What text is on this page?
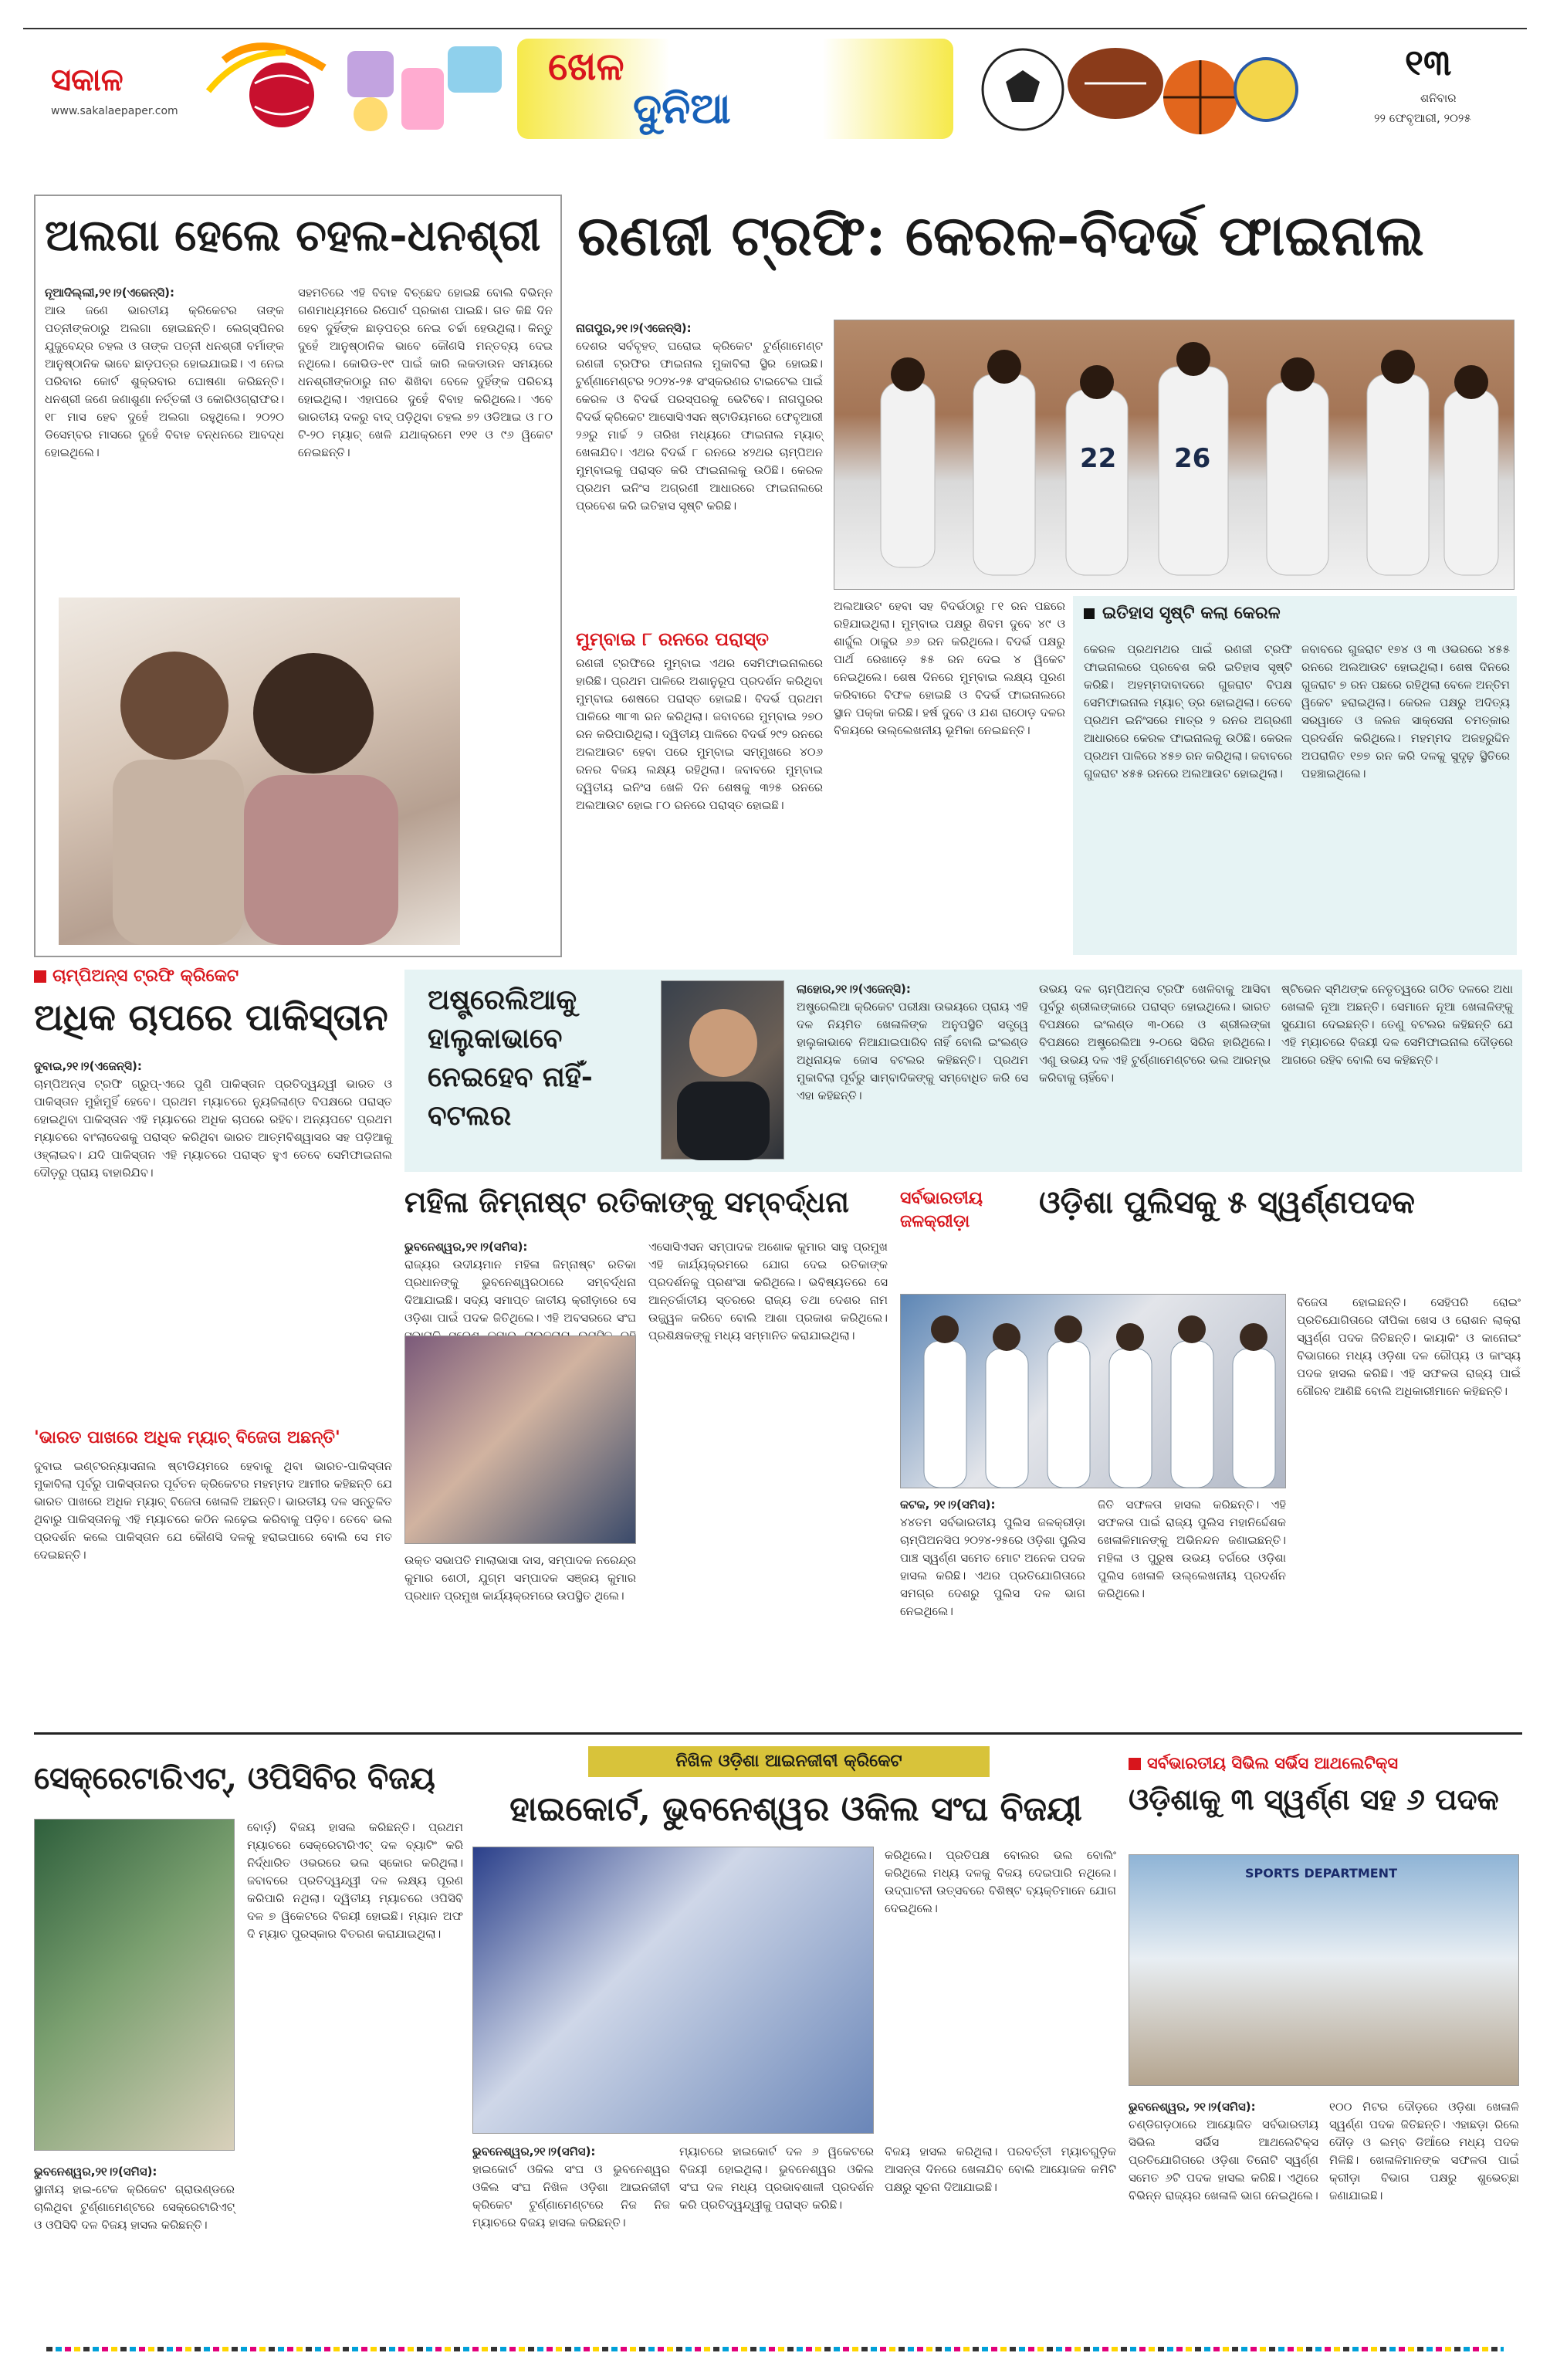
ସକାଳ
www.sakalaepaper.com
ଖେଳ
ଦୁନିଆ
୧୩
ଶନିବାର
୨୨ ଫେବୃଆରୀ, ୨୦୨୫
ଅଲଗା ହେଲେ ଚହଲ-ଧନଶ୍ରୀ
ନୂଆଦିଲ୍ଲୀ,୨୧।୨(ଏଜେନ୍ସି):
ଆଉ ଜଣେ ଭାରତୀୟ କ୍ରିକେଟର ତାଙ୍କ ପତ୍ନୀଙ୍କଠାରୁ ଅଲଗା ହୋଇଛନ୍ତି। ଲେଗ୍‌ସ୍ପିନର ଯୁଜୁବେନ୍ଦ୍ର ଚହଲ ଓ ତାଙ୍କ ପତ୍ନୀ ଧନଶ୍ରୀ ବର୍ମାଙ୍କ ଆନୁଷ୍ଠାନିକ ଭାବେ ଛାଡ଼ପତ୍ର ହୋଇଯାଇଛି। ଏ ନେଇ ପରିବାର କୋର୍ଟ ଶୁକ୍ରବାର ଘୋଷଣା କରିଛନ୍ତି। ଧନଶ୍ରୀ ଜଣେ ଜଣାଶୁଣା ନର୍ତ୍ତକୀ ଓ କୋରିଓଗ୍ରାଫର। ୧୮ ମାସ ହେବ ଦୁହେଁ ଅଲଗା ରହୁଥିଲେ। ୨୦୨୦ ଡିସେମ୍ବର ମାସରେ ଦୁହେଁ ବିବାହ ବନ୍ଧନରେ ଆବଦ୍ଧ ହୋଇଥିଲେ।
ସହମତିରେ ଏହି ବିବାହ ବିଚ୍ଛେଦ ହୋଇଛି ବୋଲି ବିଭିନ୍ନ ଗଣମାଧ୍ୟମରେ ରିପୋର୍ଟ ପ୍ରକାଶ ପାଇଛି। ଗତ କିଛି ଦିନ ହେବ ଦୁହିଁଙ୍କ ଛାଡ଼ପତ୍ର ନେଇ ଚର୍ଚ୍ଚା ହେଉଥିଲା। କିନ୍ତୁ ଦୁହେଁ ଆନୁଷ୍ଠାନିକ ଭାବେ କୌଣସି ମନ୍ତବ୍ୟ ଦେଇ ନଥିଲେ। କୋଭିଡ-୧୯ ପାଇଁ କାରି ଲକଡାଉନ ସମୟରେ ଧନଶ୍ରୀଙ୍କଠାରୁ ନାଚ ଶିଖିବା ବେଳେ ଦୁହିଁଙ୍କ ପରିଚୟ ହୋଇଥିଲା। ଏହାପରେ ଦୁହେଁ ବିବାହ କରିଥିଲେ। ଏବେ ଭାରତୀୟ ଦଳରୁ ବାଦ୍ ପଡ଼ିଥିବା ଚହଲ ୭୨ ଓଡିଆଇ ଓ ୮୦ ଟି-୨୦ ମ୍ୟାଚ୍ ଖେଳି ଯଥାକ୍ରମେ ୧୨୧ ଓ ୯୬ ୱିକେଟ ନେଇଛନ୍ତି।
ରଣଜୀ ଟ୍ରଫି: କେରଳ-ବିଦର୍ଭ ଫାଇନାଲ
ନାଗପୁର,୨୧।୨(ଏଜେନ୍ସି):
ଦେଶର ସର୍ବବୃହତ୍ ଘରୋଇ କ୍ରିକେଟ ଟୁର୍ଣ୍ଣାମେଣ୍ଟ ରଣଜୀ ଟ୍ରଫିର ଫାଇନାଲ ମୁକାବିଲା ସ୍ଥିର ହୋଇଛି। ଟୁର୍ଣ୍ଣାମେଣ୍ଟର ୨୦୨୪-୨୫ ସଂସ୍କରଣର ଟାଇଟେଲ ପାଇଁ କେରଳ ଓ ବିଦର୍ଭ ପରସ୍ପରକୁ ଭେଟିବେ। ନାଗପୁରର ବିଦର୍ଭ କ୍ରିକେଟ ଆସୋସିଏସନ ଷ୍ଟାଡିୟମରେ ଫେବୃଆରୀ ୨୬ରୁ ମାର୍ଚ୍ଚ ୨ ତାରିଖ ମଧ୍ୟରେ ଫାଇନାଲ ମ୍ୟାଚ୍ ଖେଳାଯିବ। ଏଥର ବିଦର୍ଭ ୮ ରନରେ ୪୨ଥର ଚାମ୍ପିଅନ ମୁମ୍ବାଇକୁ ପରାସ୍ତ କରି ଫାଇନାଲକୁ ଉଠିଛି। କେରଳ ପ୍ରଥମ ଇନିଂସ ଅଗ୍ରଣୀ ଆଧାରରେ ଫାଇନାଲରେ ପ୍ରବେଶ କରି ଇତିହାସ ସୃଷ୍ଟି କରିଛି।
ମୁମ୍ବାଇ ୮ ରନରେ ପରାସ୍ତ
ରଣଜୀ ଟ୍ରଫିରେ ମୁମ୍ବାଇ ଏଥର ସେମିଫାଇନାଲରେ ହାରିଛି। ପ୍ରଥମ ପାଳିରେ ଅଶାନୁରୂପ ପ୍ରଦର୍ଶନ କରିଥିବା ମୁମ୍ବାଇ ଶେଷରେ ପରାସ୍ତ ହୋଇଛି। ବିଦର୍ଭ ପ୍ରଥମ ପାଳିରେ ୩୮୩ ରନ କରିଥିଲା। ଜବାବରେ ମୁମ୍ବାଇ ୨୭୦ ରନ କରିପାରିଥିଲା। ଦ୍ୱିତୀୟ ପାଳିରେ ବିଦର୍ଭ ୨୯୨ ରନରେ ଅଲଆଉଟ ହେବା ପରେ ମୁମ୍ବାଇ ସମ୍ମୁଖରେ ୪୦୬ ରନର ବିଜୟ ଲକ୍ଷ୍ୟ ରହିଥିଲା। ଜବାବରେ ମୁମ୍ବାଇ ଦ୍ୱିତୀୟ ଇନିଂସ ଖେଳି ଦିନ ଶେଷକୁ ୩୨୫ ରନରେ ଅଲଆଉଟ ହୋଇ ୮୦ ରନରେ ପରାସ୍ତ ହୋଇଛି।
22 26
ଅଲଆଉଟ ହେବା ସହ ବିଦର୍ଭଠାରୁ ୮୧ ରନ ପଛରେ ରହିଯାଇଥିଲା। ମୁମ୍ବାଇ ପକ୍ଷରୁ ଶିବମ ଦୁବେ ୪୯ ଓ ଶାର୍ଦ୍ଦୁଲ ଠାକୁର ୬୬ ରନ କରିଥିଲେ। ବିଦର୍ଭ ପକ୍ଷରୁ ପାର୍ଥ ରେଖାଡ଼େ ୫୫ ରନ ଦେଇ ୪ ୱିକେଟ ନେଇଥିଲେ। ଶେଷ ଦିନରେ ମୁମ୍ବାଇ ଲକ୍ଷ୍ୟ ପୂରଣ କରିବାରେ ବିଫଳ ହୋଇଛି ଓ ବିଦର୍ଭ ଫାଇନାଲରେ ସ୍ଥାନ ପକ୍କା କରିଛି। ହର୍ଷ ଦୁବେ ଓ ଯଶ ରାଠୋଡ଼ ଦଳର ବିଜୟରେ ଉଲ୍ଲେଖନୀୟ ଭୂମିକା ନେଇଛନ୍ତି।
ଇତିହାସ ସୃଷ୍ଟି କଲା କେରଳ
କେରଳ ପ୍ରଥମଥର ପାଇଁ ରଣଜୀ ଟ୍ରଫି ଫାଇନାଲରେ ପ୍ରବେଶ କରି ଇତିହାସ ସୃଷ୍ଟି କରିଛି। ଅହମ୍ମଦାବାଦରେ ଗୁଜରାଟ ବିପକ୍ଷ ସେମିଫାଇନାଲ ମ୍ୟାଚ୍ ଡ୍ର ହୋଇଥିଲା। ତେବେ ପ୍ରଥମ ଇନିଂସରେ ମାତ୍ର ୨ ରନର ଅଗ୍ରଣୀ ଆଧାରରେ କେରଳ ଫାଇନାଲକୁ ଉଠିଛି। କେରଳ ପ୍ରଥମ ପାଳିରେ ୪୫୭ ରନ କରିଥିଲା। ଜବାବରେ ଗୁଜରାଟ ୪୫୫ ରନରେ ଅଲଆଉଟ ହୋଇଥିଲା।
ଜବାବରେ ଗୁଜରାଟ ୧୭୪ ଓ ୩ ଓଭରରେ ୪୫୫ ରନରେ ଅଲଆଉଟ ହୋଇଥିଲା। ଶେଷ ଦିନରେ ଗୁଜରାଟ ୭ ରନ ପଛରେ ରହିଥିଲା ବେଳେ ଅନ୍ତିମ ୱିକେଟ ହରାଇଥିଲା। କେରଳ ପକ୍ଷରୁ ଅଦିତ୍ୟ ସରୱାତେ ଓ ଜଲଜ ସାକ୍ସେନା ଚମତ୍କାର ପ୍ରଦର୍ଶନ କରିଥିଲେ। ମହମ୍ମଦ ଅଜହରୁଦ୍ଦିନ ଅପରାଜିତ ୧୭୭ ରନ କରି ଦଳକୁ ସୁଦୃଢ଼ ସ୍ଥିତିରେ ପହଞ୍ଚାଇଥିଲେ।
ଚାମ୍ପିଅନ୍ସ ଟ୍ରଫି କ୍ରିକେଟ
ଅଧିକ ଚାପରେ ପାକିସ୍ତାନ
ଦୁବାଇ,୨୧।୨(ଏଜେନ୍ସି):
ଚାମ୍ପିଅନ୍ସ ଟ୍ରଫି ଗ୍ରୁପ୍-ଏରେ ପୁଣି ପାକିସ୍ତାନ ପ୍ରତିଦ୍ୱନ୍ଦ୍ୱୀ ଭାରତ ଓ ପାକିସ୍ତାନ ମୁହାଁମୁହିଁ ହେବେ। ପ୍ରଥମ ମ୍ୟାଚରେ ନ୍ୟୁଜିଲାଣ୍ଡ ବିପକ୍ଷରେ ପରାସ୍ତ ହୋଇଥିବା ପାକିସ୍ତାନ ଏହି ମ୍ୟାଚରେ ଅଧିକ ଚାପରେ ରହିବ। ଅନ୍ୟପଟେ ପ୍ରଥମ ମ୍ୟାଚରେ ବାଂଲାଦେଶକୁ ପରାସ୍ତ କରିଥିବା ଭାରତ ଆତ୍ମବିଶ୍ୱାସର ସହ ପଡ଼ିଆକୁ ଓହ୍ଲାଇବ। ଯଦି ପାକିସ୍ତାନ ଏହି ମ୍ୟାଚରେ ପରାସ୍ତ ହୁଏ ତେବେ ସେମିଫାଇନାଲ ଦୌଡ଼ରୁ ପ୍ରାୟ ବାହାରିଯିବ।
'ଭାରତ ପାଖରେ ଅଧିକ ମ୍ୟାଚ୍ ବିଜେତା ଅଛନ୍ତି'
ଦୁବାଇ ଇଣ୍ଟରନ୍ୟାସନାଲ ଷ୍ଟାଡିୟମରେ ହେବାକୁ ଥିବା ଭାରତ-ପାକିସ୍ତାନ ମୁକାବିଲା ପୂର୍ବରୁ ପାକିସ୍ତାନର ପୂର୍ବତନ କ୍ରିକେଟର ମହମ୍ମଦ ଆମୀର କହିଛନ୍ତି ଯେ ଭାରତ ପାଖରେ ଅଧିକ ମ୍ୟାଚ୍ ବିଜେତା ଖେଳାଳି ଅଛନ୍ତି। ଭାରତୀୟ ଦଳ ସନ୍ତୁଳିତ ଥିବାରୁ ପାକିସ୍ତାନକୁ ଏହି ମ୍ୟାଚରେ କଠିନ ଲଢ଼େଇ କରିବାକୁ ପଡ଼ିବ। ତେବେ ଭଲ ପ୍ରଦର୍ଶନ କଲେ ପାକିସ୍ତାନ ଯେ କୌଣସି ଦଳକୁ ହରାଇପାରେ ବୋଲି ସେ ମତ ଦେଇଛନ୍ତି।
ଅଷ୍ଟ୍ରେଲିଆକୁ ହାଲୁକାଭାବେ ନେଇହେବ ନାହିଁ- ବଟଲର
ଲାହୋର,୨୧।୨(ଏଜେନ୍ସି):
ଅଷ୍ଟ୍ରେଲିଆ କ୍ରିକେଟ ପରୀକ୍ଷା ଉଭୟରେ ପ୍ରାୟ ଏହି ଦଳ ନିୟମିତ ଖେଳାଳିଙ୍କ ଅନୁପସ୍ଥିତି ସତ୍ତ୍ୱେ ହାଲୁକାଭାବେ ନିଆଯାଇପାରିବ ନାହିଁ ବୋଲି ଇଂଲଣ୍ଡ ଅଧିନାୟକ ଜୋସ ବଟଲର କହିଛନ୍ତି। ପ୍ରଥମ ମୁକାବିଲା ପୂର୍ବରୁ ସାମ୍ବାଦିକଙ୍କୁ ସମ୍ବୋଧିତ କରି ସେ ଏହା କହିଛନ୍ତି।
ଉଭୟ ଦଳ ଚାମ୍ପିଅନ୍ସ ଟ୍ରଫି ଖେଳିବାକୁ ଆସିବା ପୂର୍ବରୁ ଶ୍ରୀଲଙ୍କାରେ ପରାସ୍ତ ହୋଇଥିଲେ। ଭାରତ ବିପକ୍ଷରେ ଇଂଲଣ୍ଡ ୩-୦ରେ ଓ ଶ୍ରୀଲଙ୍କା ବିପକ୍ଷରେ ଅଷ୍ଟ୍ରେଲିଆ ୨-୦ରେ ସିରିଜ ହାରିଥିଲେ। ଏଣୁ ଉଭୟ ଦଳ ଏହି ଟୁର୍ଣ୍ଣାମେଣ୍ଟରେ ଭଲ ଆରମ୍ଭ କରିବାକୁ ଚାହିଁବେ।
ଷ୍ଟିଭେନ ସ୍ମିଥଙ୍କ ନେତୃତ୍ୱରେ ଗଠିତ ଦଳରେ ଅଧା ଖେଳାଳି ନୂଆ ଅଛନ୍ତି। ସେମାନେ ନୂଆ ଖେଳାଳିଙ୍କୁ ସୁଯୋଗ ଦେଇଛନ୍ତି। ତେଣୁ ବଟଲର କହିଛନ୍ତି ଯେ ଏହି ମ୍ୟାଚରେ ବିଜୟୀ ଦଳ ସେମିଫାଇନାଲ ଦୌଡ଼ରେ ଆଗରେ ରହିବ ବୋଲି ସେ କହିଛନ୍ତି।
ମହିଳା ଜିମ୍ନାଷ୍ଟ ରତିକାଙ୍କୁ ସମ୍ବର୍ଦ୍ଧନା
ଭୁବନେଶ୍ୱର,୨୧।୨(ସମିସ):
ରାଜ୍ୟର ଉଦୀୟମାନ ମହିଳା ଜିମ୍ନାଷ୍ଟ ରତିକା ପ୍ରଧାନଙ୍କୁ ଭୁବନେଶ୍ୱରଠାରେ ସମ୍ବର୍ଦ୍ଧନା ଦିଆଯାଇଛି। ସଦ୍ୟ ସମାପ୍ତ ଜାତୀୟ କ୍ରୀଡ଼ାରେ ସେ ଓଡ଼ିଶା ପାଇଁ ପଦକ ଜିତିଥିଲେ। ଏହି ଅବସରରେ ସଂଘ
ଉକ୍ତ ସଭାପତି ମାଲାଭାସା ଦାସ, ସମ୍ପାଦକ ନରେନ୍ଦ୍ର କୁମାର ଶେଠୀ, ଯୁଗ୍ମ ସମ୍ପାଦକ ସଞ୍ଜୟ କୁମାର ପ୍ରଧାନ ପ୍ରମୁଖ କାର୍ଯ୍ୟକ୍ରମରେ ଉପସ୍ଥିତ ଥିଲେ।
ଏସୋସିଏସନ ସମ୍ପାଦକ ଅଶୋକ କୁମାର ସାହୁ ପ୍ରମୁଖ ଏହି କାର୍ଯ୍ୟକ୍ରମରେ ଯୋଗ ଦେଇ ରତିକାଙ୍କ ପ୍ରଦର୍ଶନକୁ ପ୍ରଶଂସା କରିଥିଲେ। ଭବିଷ୍ୟତରେ ସେ ଆନ୍ତର୍ଜାତୀୟ ସ୍ତରରେ ରାଜ୍ୟ ତଥା ଦେଶର ନାମ ଉଜ୍ଜ୍ୱଳ କରିବେ ବୋଲି ଆଶା ପ୍ରକାଶ କରିଥିଲେ। ପ୍ରଶିକ୍ଷକଙ୍କୁ ମଧ୍ୟ ସମ୍ମାନିତ କରାଯାଇଥିଲା।
ସର୍ବଭାରତୀୟ ଜଳକ୍ରୀଡ଼ା
ଓଡ଼ିଶା ପୁଲିସକୁ ୫ ସ୍ୱର୍ଣ୍ଣପଦକ
କଟକ, ୨୧।୨(ସମିସ):
୪୪ତମ ସର୍ବଭାରତୀୟ ପୁଲିସ ଜଳକ୍ରୀଡ଼ା ଚାମ୍ପିଅନସିପ ୨୦୨୪-୨୫ରେ ଓଡ଼ିଶା ପୁଲିସ ପାଞ୍ଚ ସ୍ୱର୍ଣ୍ଣ ସମେତ ମୋଟ ଅନେକ ପଦକ ହାସଲ କରିଛି। ଏଥର ପ୍ରତିଯୋଗିତାରେ ସମଗ୍ର ଦେଶରୁ ପୁଲିସ ଦଳ ଭାଗ ନେଇଥିଲେ।
ଜିତି ସଫଳତା ହାସଲ କରିଛନ୍ତି। ଏହି ସଫଳତା ପାଇଁ ରାଜ୍ୟ ପୁଲିସ ମହାନିର୍ଦ୍ଦେଶକ ଖେଳାଳିମାନଙ୍କୁ ଅଭିନନ୍ଦନ ଜଣାଇଛନ୍ତି। ମହିଳା ଓ ପୁରୁଷ ଉଭୟ ବର୍ଗରେ ଓଡ଼ିଶା ପୁଲିସ ଖେଳାଳି ଉଲ୍ଲେଖନୀୟ ପ୍ରଦର୍ଶନ କରିଥିଲେ।
ବିଜେତା ହୋଇଛନ୍ତି। ସେହିପରି ରୋଇଂ ପ୍ରତିଯୋଗିତାରେ ଦୀପିକା ଖେସ ଓ ରୋଶନ ଲାକ୍ରା ସ୍ୱର୍ଣ୍ଣ ପଦକ ଜିତିଛନ୍ତି। କାୟାକିଂ ଓ କାନୋଇଂ ବିଭାଗରେ ମଧ୍ୟ ଓଡ଼ିଶା ଦଳ ରୌପ୍ୟ ଓ କାଂସ୍ୟ ପଦକ ହାସଲ କରିଛି। ଏହି ସଫଳତା ରାଜ୍ୟ ପାଇଁ ଗୌରବ ଆଣିଛି ବୋଲି ଅଧିକାରୀମାନେ କହିଛନ୍ତି।
ସେକ୍ରେଟାରିଏଟ୍, ଓପିସିବିର ବିଜୟ
ଭୁବନେଶ୍ୱର,୨୧।୨(ସମିସ):
ସ୍ଥାନୀୟ ହାଇ-ଟେକ କ୍ରିକେଟ ଗ୍ରାଉଣ୍ଡରେ ଚାଲିଥିବା ଟୁର୍ଣ୍ଣାମେଣ୍ଟରେ ସେକ୍ରେଟାରିଏଟ୍ ଓ ଓପିସିବି ଦଳ ବିଜୟ ହାସଲ କରିଛନ୍ତି।
ବୋର୍ଡ଼) ବିଜୟ ହାସଲ କରିଛନ୍ତି। ପ୍ରଥମ ମ୍ୟାଚରେ ସେକ୍ରେଟାରିଏଟ୍ ଦଳ ବ୍ୟାଟିଂ କରି ନିର୍ଦ୍ଧାରିତ ଓଭରରେ ଭଲ ସ୍କୋର କରିଥିଲା। ଜବାବରେ ପ୍ରତିଦ୍ୱନ୍ଦ୍ୱୀ ଦଳ ଲକ୍ଷ୍ୟ ପୂରଣ କରିପାରି ନଥିଲା। ଦ୍ୱିତୀୟ ମ୍ୟାଚରେ ଓପିସିବି ଦଳ ୭ ୱିକେଟରେ ବିଜୟୀ ହୋଇଛି। ମ୍ୟାନ ଅଫ ଦି ମ୍ୟାଚ ପୁରସ୍କାର ବିତରଣ କରାଯାଇଥିଲା।
ନିଖିଳ ଓଡ଼ିଶା ଆଇନଜୀବୀ କ୍ରିକେଟ
ହାଇକୋର୍ଟ, ଭୁବନେଶ୍ୱର ଓକିଲ ସଂଘ ବିଜୟୀ
ଭୁବନେଶ୍ୱର,୨୧।୨(ସମିସ):
ହାଇକୋର୍ଟ ଓକିଲ ସଂଘ ଓ ଭୁବନେଶ୍ୱର ଓକିଲ ସଂଘ ନିଖିଳ ଓଡ଼ିଶା ଆଇନଜୀବୀ କ୍ରିକେଟ ଟୁର୍ଣ୍ଣାମେଣ୍ଟରେ ନିଜ ନିଜ ମ୍ୟାଚରେ ବିଜୟ ହାସଲ କରିଛନ୍ତି।
ମ୍ୟାଚରେ ହାଇକୋର୍ଟ ଦଳ ୬ ୱିକେଟରେ ବିଜୟୀ ହୋଇଥିଲା। ଭୁବନେଶ୍ୱର ଓକିଲ ସଂଘ ଦଳ ମଧ୍ୟ ପ୍ରଭାବଶାଳୀ ପ୍ରଦର୍ଶନ କରି ପ୍ରତିଦ୍ୱନ୍ଦ୍ୱୀକୁ ପରାସ୍ତ କରିଛି।
କରିଥିଲେ। ପ୍ରତିପକ୍ଷ ବୋଲର ଭଲ ବୋଲିଂ କରିଥିଲେ ମଧ୍ୟ ଦଳକୁ ବିଜୟ ଦେଇପାରି ନଥିଲେ। ଉଦ୍‌ଘାଟନୀ ଉତ୍ସବରେ ବିଶିଷ୍ଟ ବ୍ୟକ୍ତିମାନେ ଯୋଗ ଦେଇଥିଲେ।
ବିଜୟ ହାସଲ କରିଥିଲା। ପରବର୍ତ୍ତୀ ମ୍ୟାଚଗୁଡ଼ିକ ଆସନ୍ତା ଦିନରେ ଖେଳାଯିବ ବୋଲି ଆୟୋଜକ କମିଟି ପକ୍ଷରୁ ସୂଚନା ଦିଆଯାଇଛି।
ସର୍ବଭାରତୀୟ ସିଭିଲ ସର୍ଭିସ ଆଥଲେଟିକ୍ସ
ଓଡ଼ିଶାକୁ ୩ ସ୍ୱର୍ଣ୍ଣ ସହ ୬ ପଦକ
SPORTS DEPARTMENT
ଭୁବନେଶ୍ୱର, ୨୧।୨(ସମିସ):
ଚଣ୍ଡିଗଡ଼ଠାରେ ଆୟୋଜିତ ସର୍ବଭାରତୀୟ ସିଭିଲ ସର୍ଭିସ ଆଥଲେଟିକ୍ସ ପ୍ରତିଯୋଗିତାରେ ଓଡ଼ିଶା ତିନୋଟି ସ୍ୱର୍ଣ୍ଣ ସମେତ ୬ଟି ପଦକ ହାସଲ କରିଛି। ଏଥିରେ ବିଭିନ୍ନ ରାଜ୍ୟର ଖେଳାଳି ଭାଗ ନେଇଥିଲେ।
୧୦୦ ମିଟର ଦୌଡ଼ରେ ଓଡ଼ିଶା ଖେଳାଳି ସ୍ୱର୍ଣ୍ଣ ପଦକ ଜିତିଛନ୍ତି। ଏହାଛଡ଼ା ରିଲେ ଦୌଡ଼ ଓ ଲମ୍ବ ଡିଆଁରେ ମଧ୍ୟ ପଦକ ମିଳିଛି। ଖେଳାଳିମାନଙ୍କ ସଫଳତା ପାଇଁ କ୍ରୀଡ଼ା ବିଭାଗ ପକ୍ଷରୁ ଶୁଭେଚ୍ଛା ଜଣାଯାଇଛି।
